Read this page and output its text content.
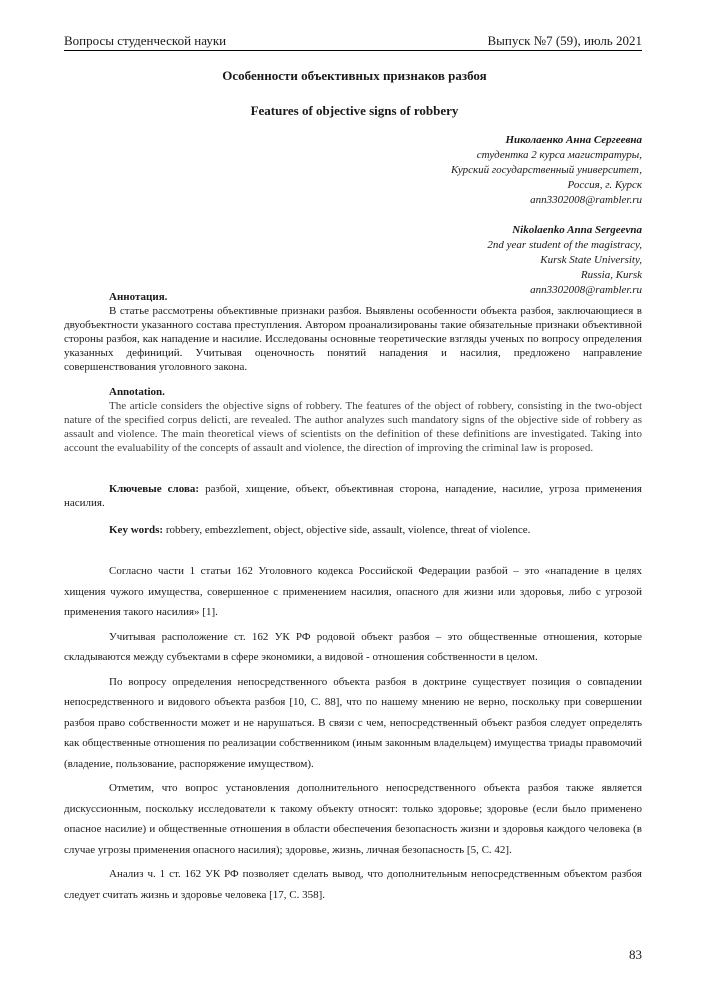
Вопросы студенческой науки	Выпуск №7 (59), июль 2021
Особенности объективных признаков разбоя
Features of objective signs of robbery
Николаенко Анна Сергеевна
студентка 2 курса магистратуры,
Курский государственный университет,
Россия, г. Курск
ann3302008@rambler.ru
Nikolaenko Anna Sergeevna
2nd year student of the magistracy,
Kursk State University,
Russia, Kursk
ann3302008@rambler.ru
Аннотация.

В статье рассмотрены объективные признаки разбоя. Выявлены особенности объекта разбоя, заключающиеся в двуобъектности указанного состава преступления. Автором проанализированы такие обязательные признаки объективной стороны разбоя, как нападение и насилие. Исследованы основные теоретические взгляды ученых по вопросу определения указанных дефиниций. Учитывая оценочность понятий нападения и насилия, предложено направление совершенствования уголовного закона.

Annotation.

The article considers the objective signs of robbery. The features of the object of robbery, consisting in the two-object nature of the specified corpus delicti, are revealed. The author analyzes such mandatory signs of the objective side of robbery as assault and violence. The main theoretical views of scientists on the definition of these definitions are investigated. Taking into account the evaluability of the concepts of assault and violence, the direction of improving the criminal law is proposed.

Ключевые слова: разбой, хищение, объект, объективная сторона, нападение, насилие, угроза применения насилия.

Key words: robbery, embezzlement, object, objective side, assault, violence, threat of violence.

Согласно части 1 статьи 162 Уголовного кодекса Российской Федерации разбой – это «нападение в целях хищения чужого имущества, совершенное с применением насилия, опасного для жизни или здоровья, либо с угрозой применения такого насилия» [1].

Учитывая расположение ст. 162 УК РФ родовой объект разбоя – это общественные отношения, которые складываются между субъектами в сфере экономики, а видовой - отношения собственности в целом.

По вопросу определения непосредственного объекта разбоя в доктрине существует позиция о совпадении непосредственного и видового объекта разбоя [10, С. 88], что по нашему мнению не верно, поскольку при совершении разбоя право собственности может и не нарушаться. В связи с чем, непосредственный объект разбоя следует определять как общественные отношения по реализации собственником (иным законным владельцем) имущества триады правомочий (владение, пользование, распоряжение имуществом).

Отметим, что вопрос установления дополнительного непосредственного объекта разбоя также является дискуссионным, поскольку исследователи к такому объекту относят: только здоровье; здоровье (если было применено опасное насилие) и общественные отношения в области обеспечения безопасность жизни и здоровья каждого человека (в случае угрозы применения опасного насилия); здоровье, жизнь, личная безопасность [5, С. 42].

Анализ ч. 1 ст. 162 УК РФ позволяет сделать вывод, что дополнительным непосредственным объектом разбоя следует считать жизнь и здоровье человека [17, С. 358].

83
